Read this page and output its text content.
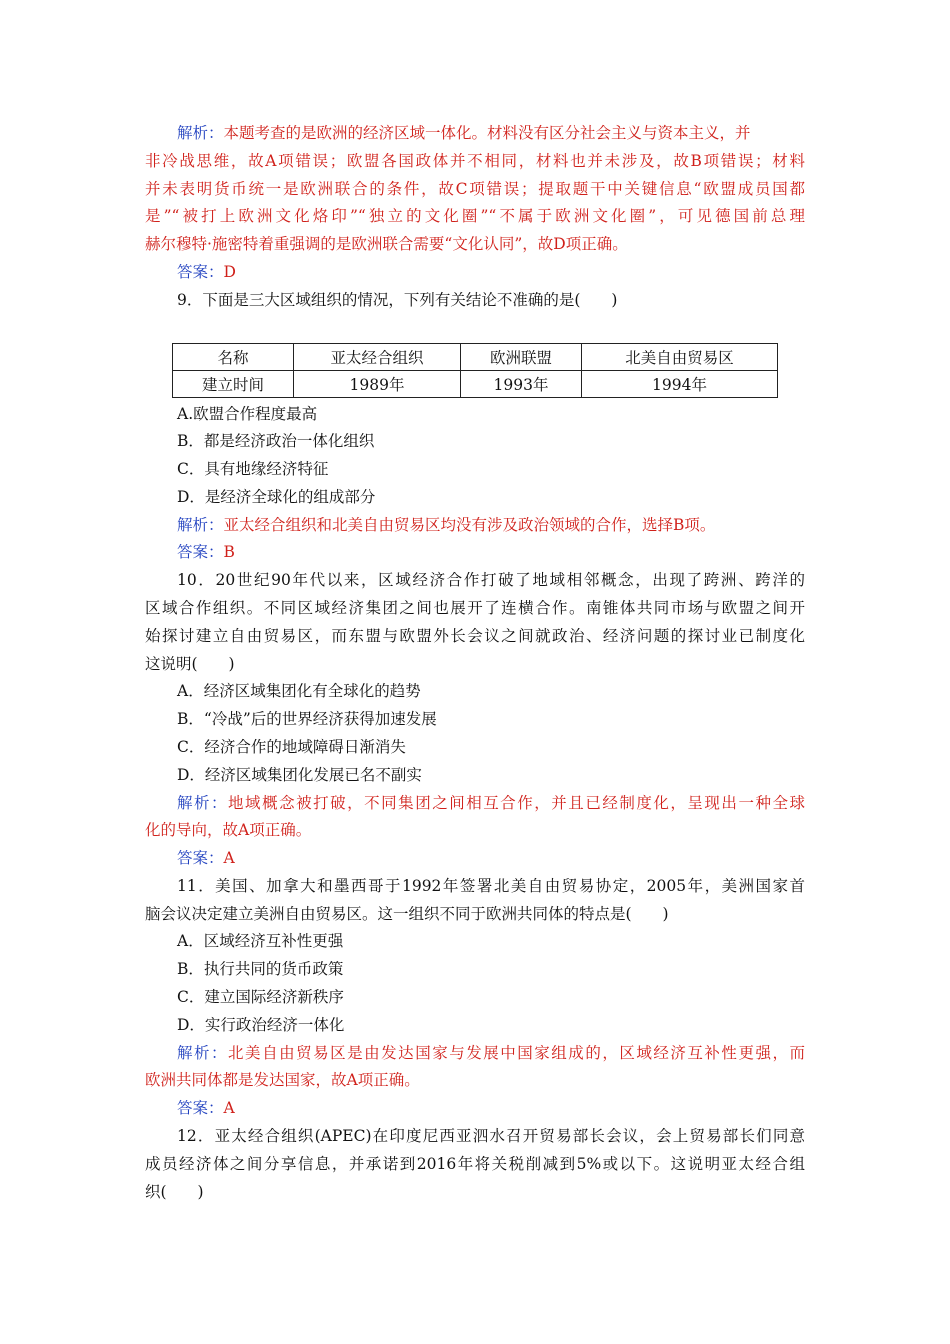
解析：本题考查的是欧洲的经济区域一体化。材料没有区分社会主义与资本主义，并
非冷战思维，故A项错误；欧盟各国政体并不相同，材料也并未涉及，故B项错误；材料
并未表明货币统一是欧洲联合的条件，故C项错误；提取题干中关键信息“欧盟成员国都
是”“被打上欧洲文化烙印”“独立的文化圈”“不属于欧洲文化圈”，可见德国前总理
赫尔穆特·施密特着重强调的是欧洲联合需要“文化认同”，故D项正确。
答案：D
9．下面是三大区域组织的情况，下列有关结论不准确的是(　　)
名称	亚太经合组织	欧洲联盟	北美自由贸易区
建立时间	1989年	1993年	1994年
A.欧盟合作程度最高
B．都是经济政治一体化组织
C．具有地缘经济特征
D．是经济全球化的组成部分
解析：亚太经合组织和北美自由贸易区均没有涉及政治领域的合作，选择B项。
答案：B
10．20世纪90年代以来，区域经济合作打破了地域相邻概念，出现了跨洲、跨洋的
区域合作组织。不同区域经济集团之间也展开了连横合作。南锥体共同市场与欧盟之间开
始探讨建立自由贸易区，而东盟与欧盟外长会议之间就政治、经济问题的探讨业已制度化
这说明(　　)
A．经济区域集团化有全球化的趋势
B．“冷战”后的世界经济获得加速发展
C．经济合作的地域障碍日渐消失
D．经济区域集团化发展已名不副实
解析：地域概念被打破，不同集团之间相互合作，并且已经制度化，呈现出一种全球
化的导向，故A项正确。
答案：A
11．美国、加拿大和墨西哥于1992年签署北美自由贸易协定，2005年，美洲国家首
脑会议决定建立美洲自由贸易区。这一组织不同于欧洲共同体的特点是(　　)
A．区域经济互补性更强
B．执行共同的货币政策
C．建立国际经济新秩序
D．实行政治经济一体化
解析：北美自由贸易区是由发达国家与发展中国家组成的，区域经济互补性更强，而
欧洲共同体都是发达国家，故A项正确。
答案：A
12．亚太经合组织(APEC)在印度尼西亚泗水召开贸易部长会议，会上贸易部长们同意
成员经济体之间分享信息，并承诺到2016年将关税削减到5%或以下。这说明亚太经合组
织(　　)
